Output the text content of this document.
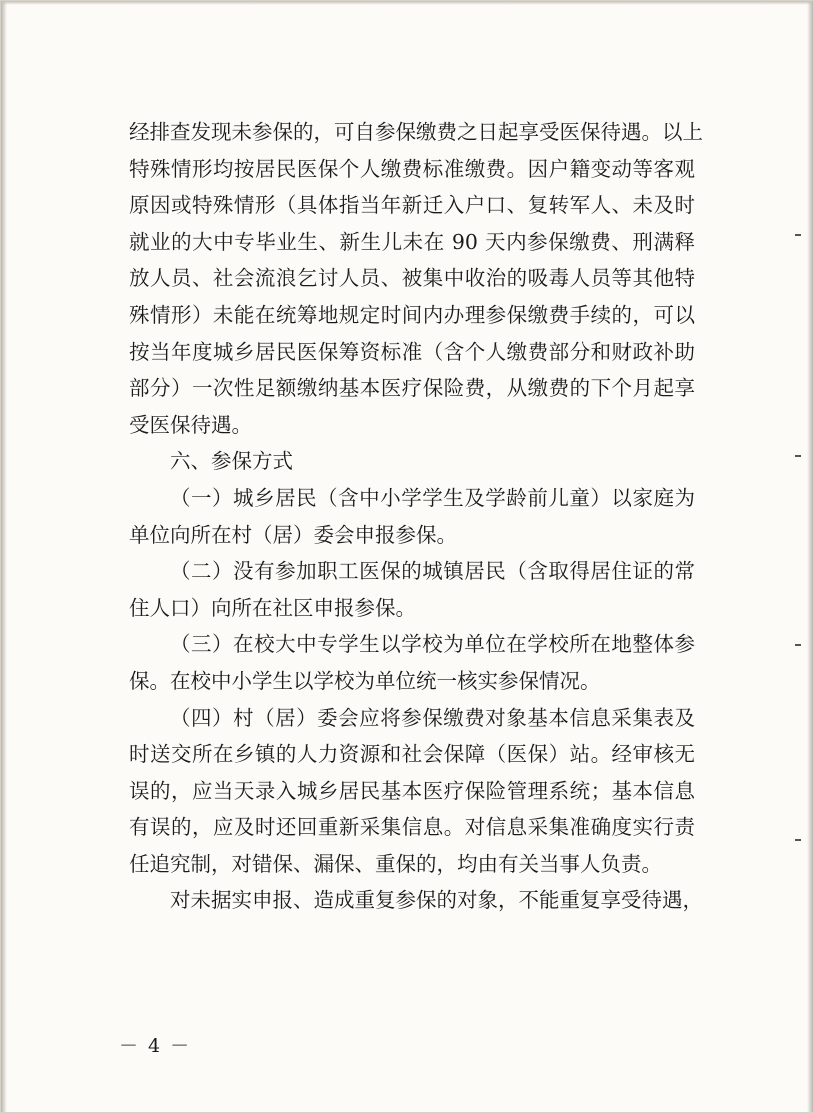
经排查发现未参保的，可自参保缴费之日起享受医保待遇。以上
特殊情形均按居民医保个人缴费标准缴费。因户籍变动等客观
原因或特殊情形（具体指当年新迁入户口、复转军人、未及时
就业的大中专毕业生、新生儿未在 90 天内参保缴费、刑满释
放人员、社会流浪乞讨人员、被集中收治的吸毒人员等其他特
殊情形）未能在统筹地规定时间内办理参保缴费手续的，可以
按当年度城乡居民医保筹资标准（含个人缴费部分和财政补助
部分）一次性足额缴纳基本医疗保险费，从缴费的下个月起享
受医保待遇。
六、参保方式
（一）城乡居民（含中小学学生及学龄前儿童）以家庭为
单位向所在村（居）委会申报参保。
（二）没有参加职工医保的城镇居民（含取得居住证的常
住人口）向所在社区申报参保。
（三）在校大中专学生以学校为单位在学校所在地整体参
保。在校中小学生以学校为单位统一核实参保情况。
（四）村（居）委会应将参保缴费对象基本信息采集表及
时送交所在乡镇的人力资源和社会保障（医保）站。经审核无
误的，应当天录入城乡居民基本医疗保险管理系统；基本信息
有误的，应及时还回重新采集信息。对信息采集准确度实行责
任追究制，对错保、漏保、重保的，均由有关当事人负责。
对未据实申报、造成重复参保的对象，不能重复享受待遇，
－ 4 －
